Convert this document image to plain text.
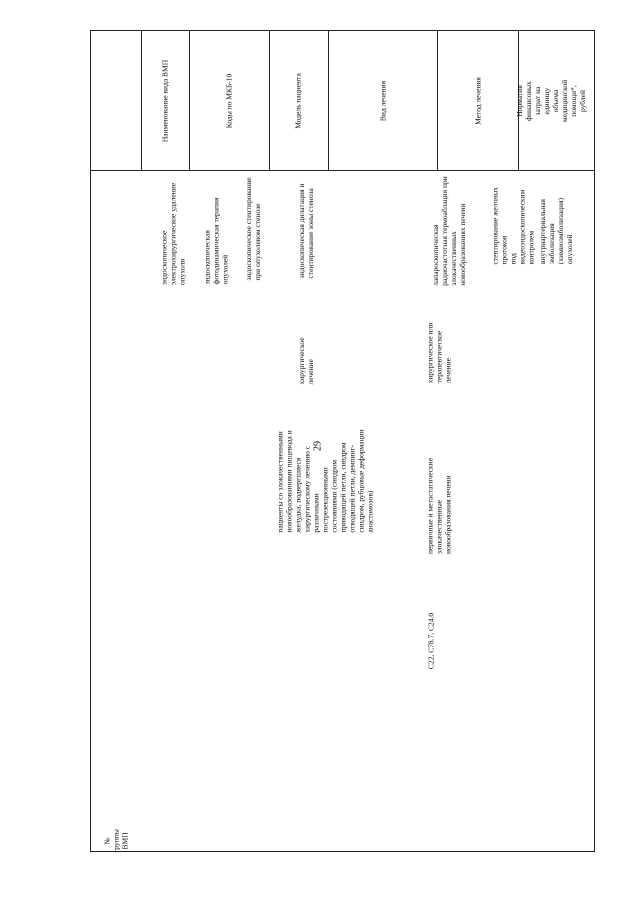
29
Норматив финансовых
затрат на единицу
объема медицинской
помощи*, рублей
Метод лечения
Вид лечения
Модель пациента
Коды по МКБ-10
Наименование вида ВМП
№
группы
ВМП
эндоскопическое
электрохирургическое удаление
опухоли эндоскопическая
фотодинамическая терапия
опухолей эндоскопическое стентирование
при опухолевом стенозе
пациенты со злокачественными
новообразованиями пищевода и
желудка, подвергшиеся
хирургическому лечению с
различными
пострезекционными
состояниями (синдром
приводящей петли, синдром
отводящей петли, демпинг-
синдром, рубцовые деформации
анастомозов)
хирургическое
лечение
эндоскопическая дилатация и
стентирование зоны стеноза
C22, C78.7, C24.0
первичные и метастатические
злокачественные
новообразования печени
хирургическое или
терапевтическое
лечение
лапароскопическая
радиочастотная термоаблация при
злокачественных
новообразованиях печени
стентирование желчных протоков
под видеоэндоскопическим
контролем внутриартериальная эмболизация
(химиоэмболизация) опухолей
